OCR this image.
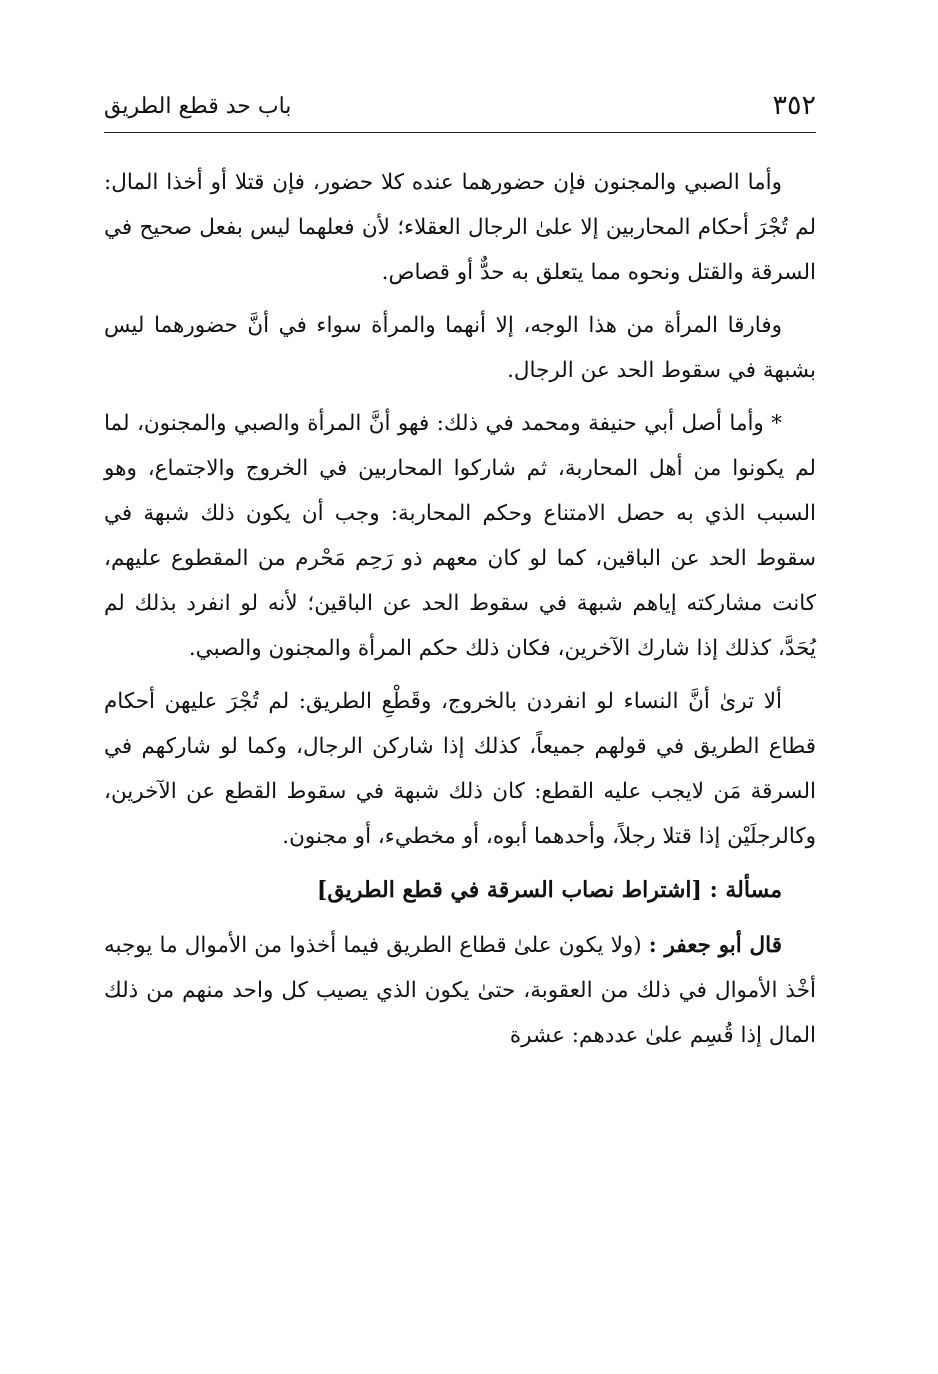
٣٥٢
باب حد قطع الطريق

وأما الصبي والمجنون فإن حضورهما عنده كلا حضور، فإن قتلا أو أخذا المال: لم تُجْرَ أحكام المحاربين إلا علىٰ الرجال العقلاء؛ لأن فعلهما ليس بفعل صحيح في السرقة والقتل ونحوه مما يتعلق به حدٌّ أو قصاص.

وفارقا المرأة من هذا الوجه، إلا أنهما والمرأة سواء في أنَّ حضورهما ليس بشبهة في سقوط الحد عن الرجال.

* وأما أصل أبي حنيفة ومحمد في ذلك: فهو أنَّ المرأة والصبي والمجنون، لما لم يكونوا من أهل المحاربة، ثم شاركوا المحاربين في الخروج والاجتماع، وهو السبب الذي به حصل الامتناع وحكم المحاربة: وجب أن يكون ذلك شبهة في سقوط الحد عن الباقين، كما لو كان معهم ذو رَحِم مَحْرم من المقطوع عليهم، كانت مشاركته إياهم شبهة في سقوط الحد عن الباقين؛ لأنه لو انفرد بذلك لم يُحَدَّ، كذلك إذا شارك الآخرين، فكان ذلك حكم المرأة والمجنون والصبي.

ألا ترىٰ أنَّ النساء لو انفردن بالخروج، وقَطْعِ الطريق: لم تُجْرَ عليهن أحكام قطاع الطريق في قولهم جميعاً، كذلك إذا شاركن الرجال، وكما لو شاركهم في السرقة مَن لايجب عليه القطع: كان ذلك شبهة في سقوط القطع عن الآخرين، وكالرجلَيْن إذا قتلا رجلاً، وأحدهما أبوه، أو مخطيء، أو مجنون.

مسألة : [اشتراط نصاب السرقة في قطع الطريق]

قال أبو جعفر : (ولا يكون علىٰ قطاع الطريق فيما أخذوا من الأموال ما يوجبه أخْذ الأموال في ذلك من العقوبة، حتىٰ يكون الذي يصيب كل واحد منهم من ذلك المال إذا قُسِم علىٰ عددهم: عشرة
